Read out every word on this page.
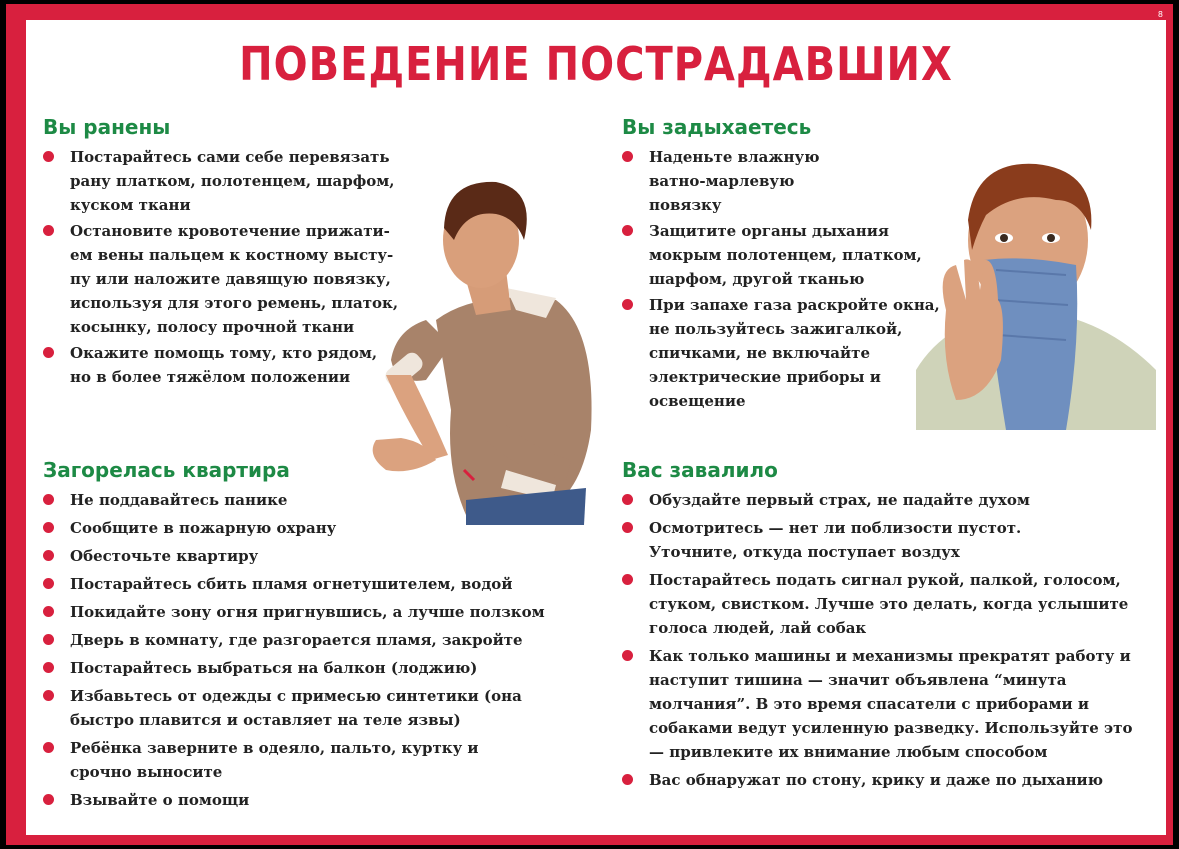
8
ПОВЕДЕНИЕ ПОСТРАДАВШИХ
Вы ранены
Постарайтесь сами себе перевязать рану платком, полотенцем, шарфом, куском ткани
Остановите кровотечение прижати-ем вены пальцем к костному высту-пу или наложите давящую повязку, используя для этого ремень, платок, косынку, полосу прочной ткани
Окажите помощь тому, кто рядом, но в более тяжёлом положении
Вы задыхаетесь
Наденьте влажную ватно-марлевую повязку
Защитите органы дыхания мокрым полотенцем, платком, шарфом, другой тканью
При запахе газа раскройте окна, не пользуйтесь зажигалкой, спичками, не включайте электрические приборы и освещение
Загорелась квартира
Не поддавайтесь панике
Сообщите в пожарную охрану
Обесточьте квартиру
Постарайтесь сбить пламя огнетушителем, водой
Покидайте зону огня пригнувшись, а лучше ползком
Дверь в комнату, где разгорается пламя, закройте
Постарайтесь выбраться на балкон (лоджию)
Избавьтесь от одежды с примесью синтетики (она быстро плавится и оставляет на теле язвы)
Ребёнка заверните в одеяло, пальто, куртку и срочно выносите
Взывайте о помощи
Вас завалило
Обуздайте первый страх, не падайте духом
Осмотритесь — нет ли поблизости пустот. Уточните, откуда поступает воздух
Постарайтесь подать сигнал рукой, палкой, голосом, стуком, свистком. Лучше это делать, когда услышите голоса людей, лай собак
Как только машины и механизмы прекратят работу и наступит тишина — значит объявлена “минута молчания”. В это время спасатели с приборами и собаками ведут усиленную разведку. Используйте это — привлеките их внимание любым способом
Вас обнаружат по стону, крику и даже по дыханию
